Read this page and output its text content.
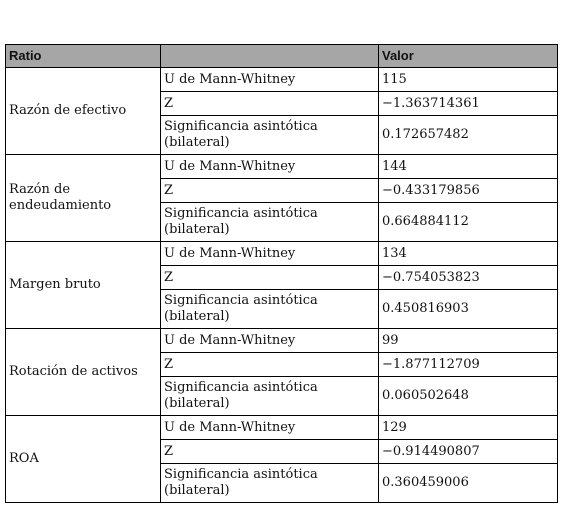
Ratio		Valor
Razón de efectivo	U de Mann-Whitney	115
	Z	−1.363714361
	Significancia asintótica (bilateral)	0.172657482
Razón de endeudamiento	U de Mann-Whitney	144
	Z	−0.433179856
	Significancia asintótica (bilateral)	0.664884112
Margen bruto	U de Mann-Whitney	134
	Z	−0.754053823
	Significancia asintótica (bilateral)	0.450816903
Rotación de activos	U de Mann-Whitney	99
	Z	−1.877112709
	Significancia asintótica (bilateral)	0.060502648
ROA	U de Mann-Whitney	129
	Z	−0.914490807
	Significancia asintótica (bilateral)	0.360459006
